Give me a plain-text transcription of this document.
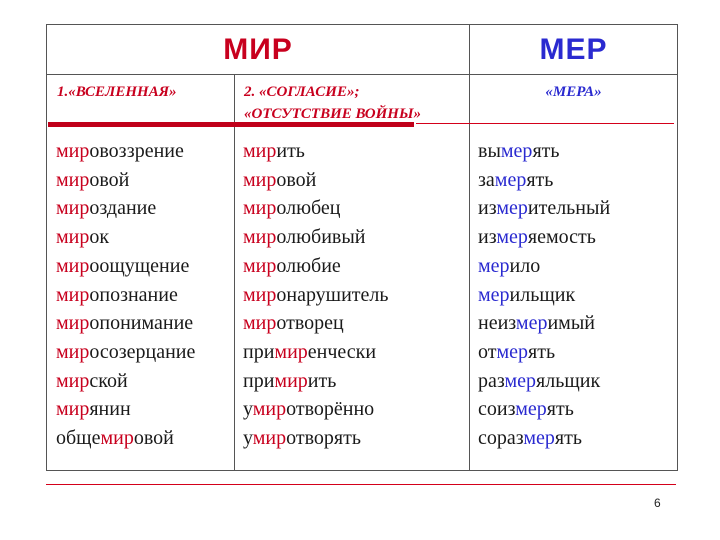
МИР	МЕР
1.«ВСЕЛЕННАЯ»	2. «СОГЛАСИЕ»;
«ОТСУТСТВИЕ ВОЙНЫ»
«МЕРА»
мировоззрение
мировой
мироздание
мирок
мироощущение
миропознание
миропонимание
миросозерцание
мирской
мирянин
общемировой
мирить
мировой
миролюбец
миролюбивый
миролюбие
миронарушитель
миротворец
примиренчески
примирить
умиротворённо
умиротворять
вымерять
замерять
измерительный
измеряемость
мерило
мерильщик
неизмеримый
отмерять
размеряльщик
соизмерять
соразмерять
6
